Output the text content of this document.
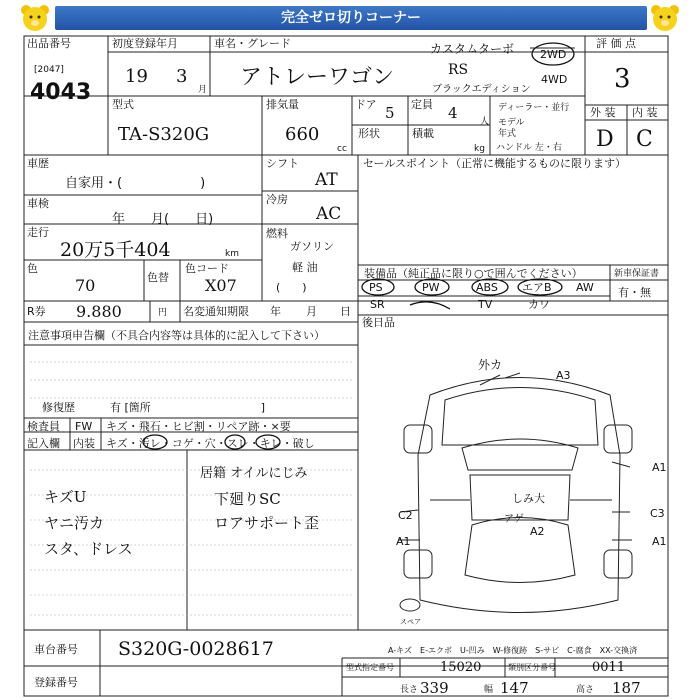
完全ゼロ切りコーナー
出品番号
[2047]
4043
初度登録年月
19 3
月
車名・グレード
アトレーワゴン
カスタムターボ
RS
ブラックエディション
2WD
4WD
評 価 点
3
型式
TA-S320G
排気量
660
cc
ドア 5 定員 4 人
形状	積載
kg
ディーラー・並行
モデル
年式
ハンドル 左・右
外 装 内 装
D C
車歴
自家用・(　　　　　　)
車検
年　　月(　　日)
走行
20万5千404	km
色
70	色替
色コード
X07
R券 9.880	円 名変通知期限 年 月 日
シフト
AT
冷房
AC
燃料
ガソリン
軽 油
(　　)
セールスポイント（正常に機能するものに限ります）
装備品（純正品に限り○で囲んでください）
PS	PW	ABS エアB AW
SR	TV	カワ
新車保証書
有・無
後日品
注意事項申告欄（不具合内容等は具体的に記入して下さい）
修復歴	有 [箇所　　　　　　　　　　]
検査員
記入欄
FW キズ・飛石・ヒビ割・リペア跡・×要
内装 キズ・汚レ・コゲ・穴・スレ・キレ・破し
キズU
ヤニ汚カ
スタ、ドレス
居籍 オイルにじみ
下廻りSC
ロアサポート歪
外カ
A3
A1
C3
A1
C2
A1
A2
しみ大
アゲ
スペア
車台番号 S320G-0028617	A-キズ　E-エクボ　U-凹み　W-修復跡　S-サビ　C-腐食　XX-交換済
登録番号
型式指定番号	15020	類別区分番号	0011
長さ 339	幅 147	高さ 187
